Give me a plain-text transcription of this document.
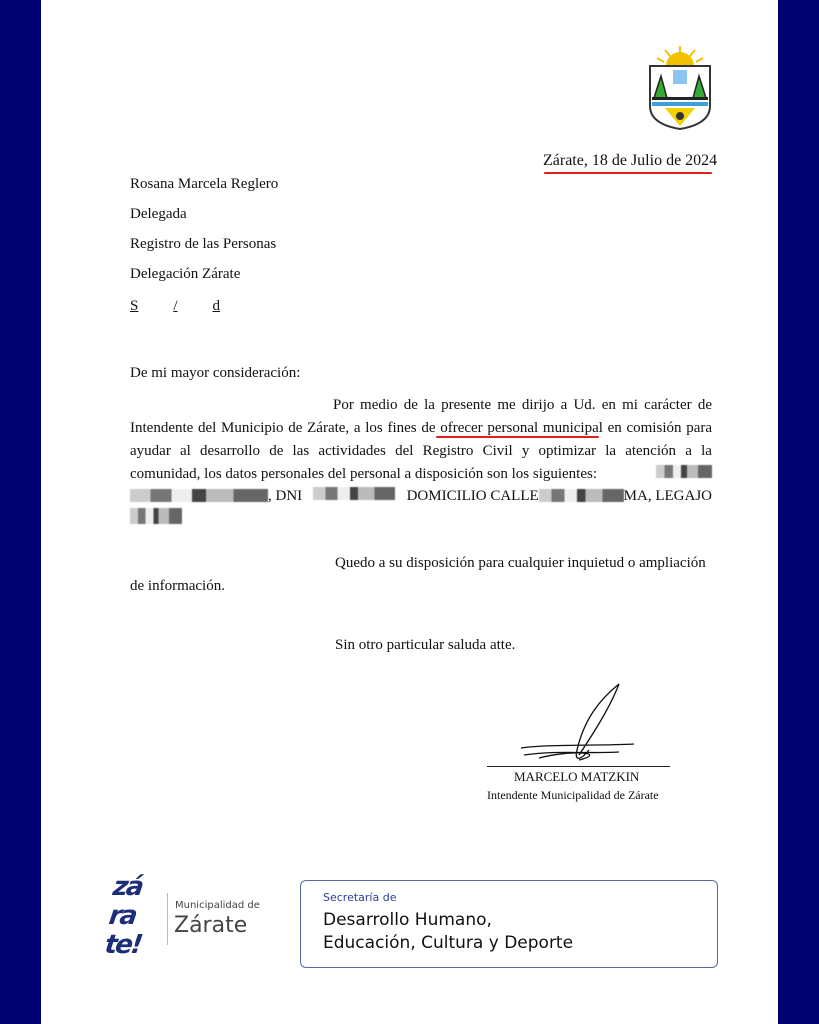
Zárate, 18 de Julio de 2024
Rosana Marcela Reglero
Delegada
Registro de las Personas
Delegación Zárate
S / d
De mi mayor consideración:
Por medio de la presente me dirijo a Ud. en mi carácter de
Intendente del Municipio de Zárate, a los fines de ofrecer personal municipal en comisión para
ayudar al desarrollo de las actividades del Registro Civil y optimizar la atención a la
comunidad, los datos personales del personal a disposición son los siguientes:
, DNI	DOMICILIO CALLE	MA, LEGAJO
Quedo a su disposición para cualquier inquietud o ampliación
de información.
Sin otro particular saluda atte.
MARCELO MATZKIN
Intendente Municipalidad de Zárate
zá
ra
te!
Municipalidad de
Zárate
Secretaría de
Desarrollo Humano,
Educación, Cultura y Deporte
